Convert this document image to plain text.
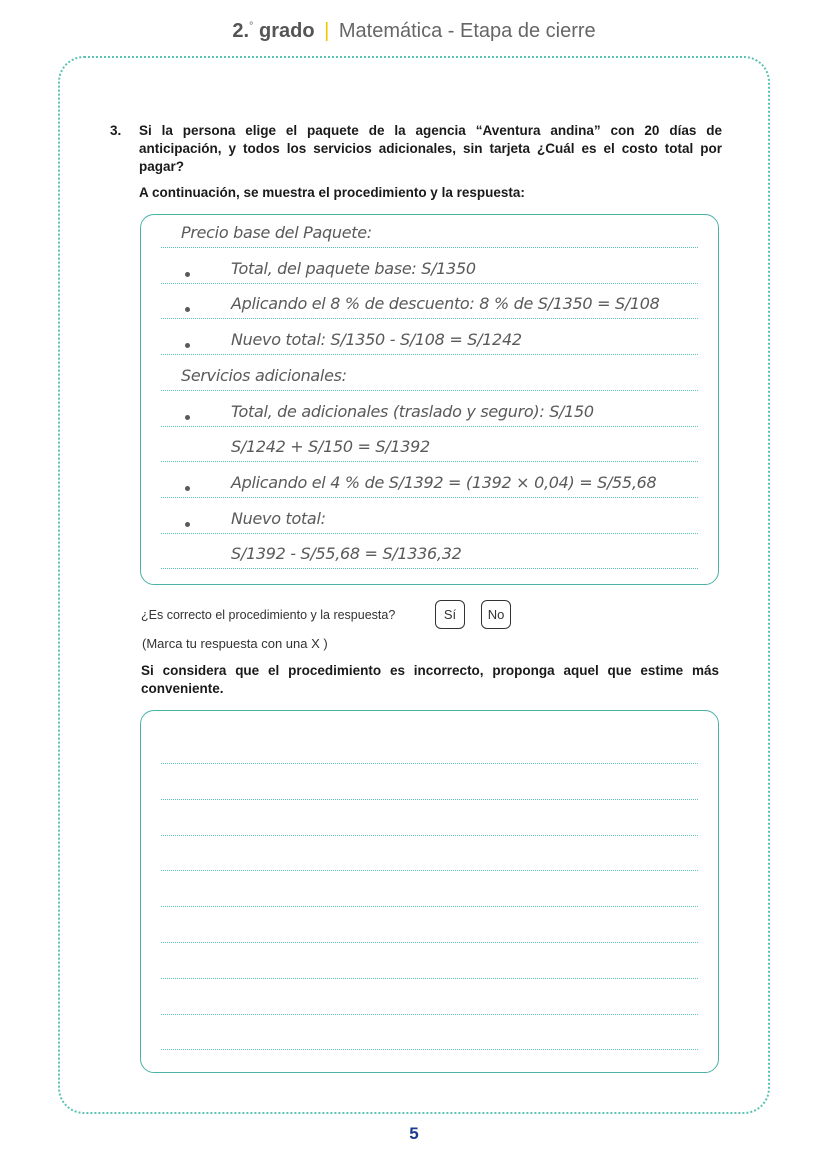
2.° grado | Matemática - Etapa de cierre
3. Si la persona elige el paquete de la agencia “Aventura andina” con 20 días de anticipación, y todos los servicios adicionales, sin tarjeta ¿Cuál es el costo total por pagar?
A continuación, se muestra el procedimiento y la respuesta:
Precio base del Paquete:
Total, del paquete base: S/1350
Aplicando el 8 % de descuento: 8 % de S/1350 = S/108
Nuevo total: S/1350 - S/108 = S/1242
Servicios adicionales:
Total, de adicionales (traslado y seguro): S/150
S/1242 + S/150 = S/1392
Aplicando el 4 % de S/1392 = (1392 × 0,04) = S/55,68
Nuevo total:
S/1392 - S/55,68 = S/1336,32
¿Es correcto el procedimiento y la respuesta?	Sí	No
(Marca tu respuesta con una X )
Si considera que el procedimiento es incorrecto, proponga aquel que estime más conveniente.
5
